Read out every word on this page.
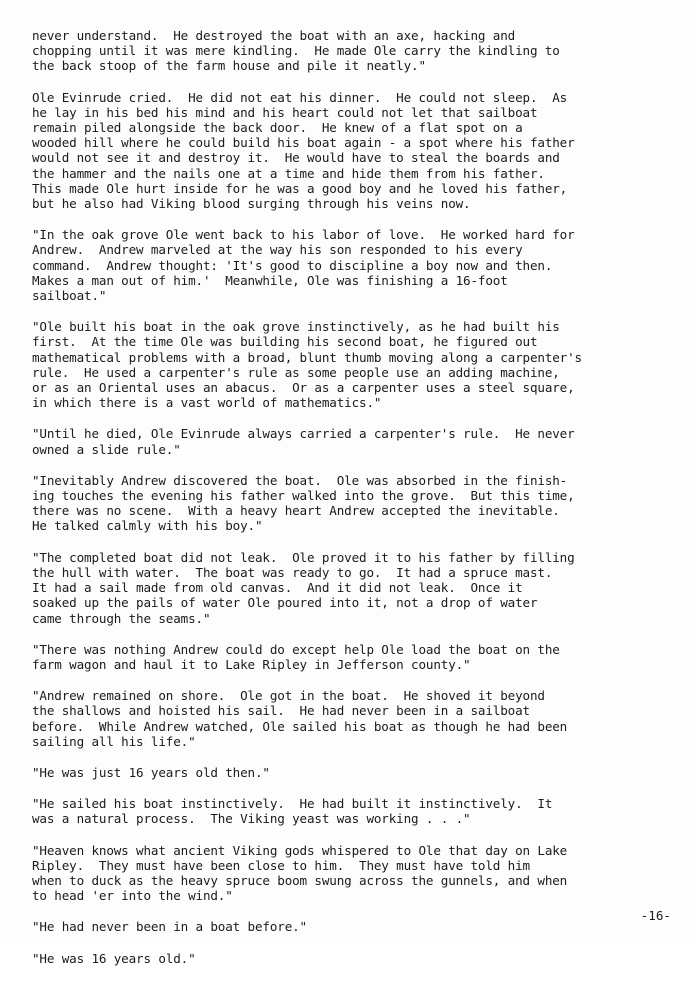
never understand.  He destroyed the boat with an axe, hacking and
chopping until it was mere kindling.  He made Ole carry the kindling to
the back stoop of the farm house and pile it neatly."

Ole Evinrude cried.  He did not eat his dinner.  He could not sleep.  As
he lay in his bed his mind and his heart could not let that sailboat
remain piled alongside the back door.  He knew of a flat spot on a
wooded hill where he could build his boat again - a spot where his father
would not see it and destroy it.  He would have to steal the boards and
the hammer and the nails one at a time and hide them from his father.
This made Ole hurt inside for he was a good boy and he loved his father,
but he also had Viking blood surging through his veins now.

"In the oak grove Ole went back to his labor of love.  He worked hard for
Andrew.  Andrew marveled at the way his son responded to his every
command.  Andrew thought: 'It's good to discipline a boy now and then.
Makes a man out of him.'  Meanwhile, Ole was finishing a 16-foot
sailboat."

"Ole built his boat in the oak grove instinctively, as he had built his
first.  At the time Ole was building his second boat, he figured out
mathematical problems with a broad, blunt thumb moving along a carpenter's
rule.  He used a carpenter's rule as some people use an adding machine,
or as an Oriental uses an abacus.  Or as a carpenter uses a steel square,
in which there is a vast world of mathematics."

"Until he died, Ole Evinrude always carried a carpenter's rule.  He never
owned a slide rule."

"Inevitably Andrew discovered the boat.  Ole was absorbed in the finish-
ing touches the evening his father walked into the grove.  But this time,
there was no scene.  With a heavy heart Andrew accepted the inevitable.
He talked calmly with his boy."

"The completed boat did not leak.  Ole proved it to his father by filling
the hull with water.  The boat was ready to go.  It had a spruce mast.
It had a sail made from old canvas.  And it did not leak.  Once it
soaked up the pails of water Ole poured into it, not a drop of water
came through the seams."

"There was nothing Andrew could do except help Ole load the boat on the
farm wagon and haul it to Lake Ripley in Jefferson county."

"Andrew remained on shore.  Ole got in the boat.  He shoved it beyond
the shallows and hoisted his sail.  He had never been in a sailboat
before.  While Andrew watched, Ole sailed his boat as though he had been
sailing all his life."

"He was just 16 years old then."

"He sailed his boat instinctively.  He had built it instinctively.  It
was a natural process.  The Viking yeast was working . . ."

"Heaven knows what ancient Viking gods whispered to Ole that day on Lake
Ripley.  They must have been close to him.  They must have told him
when to duck as the heavy spruce boom swung across the gunnels, and when
to head 'er into the wind."

"He had never been in a boat before."

"He was 16 years old."

-16-
